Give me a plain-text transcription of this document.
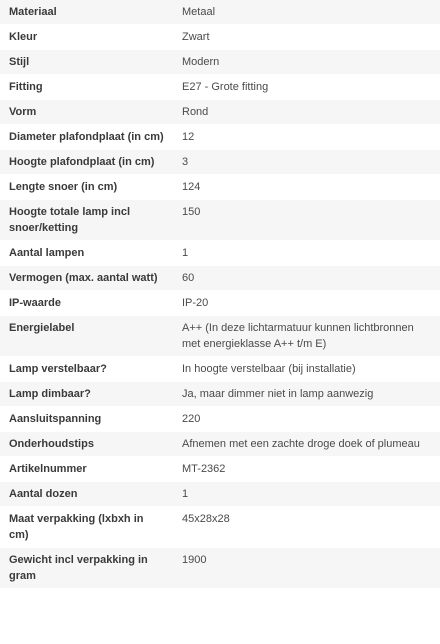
Materiaal	Metaal
Kleur	Zwart
Stijl	Modern
Fitting	E27 - Grote fitting
Vorm	Rond
Diameter plafondplaat (in cm)	12
Hoogte plafondplaat (in cm)	3
Lengte snoer (in cm)	124
Hoogte totale lamp incl snoer/ketting	150
Aantal lampen	1
Vermogen (max. aantal watt)	60
IP-waarde	IP-20
Energielabel	A++ (In deze lichtarmatuur kunnen lichtbronnen met energieklasse A++ t/m E)
Lamp verstelbaar?	In hoogte verstelbaar (bij installatie)
Lamp dimbaar?	Ja, maar dimmer niet in lamp aanwezig
Aansluitspanning	220
Onderhoudstips	Afnemen met een zachte droge doek of plumeau
Artikelnummer	MT-2362
Aantal dozen	1
Maat verpakking (lxbxh in cm)	45x28x28
Gewicht incl verpakking in gram	1900
